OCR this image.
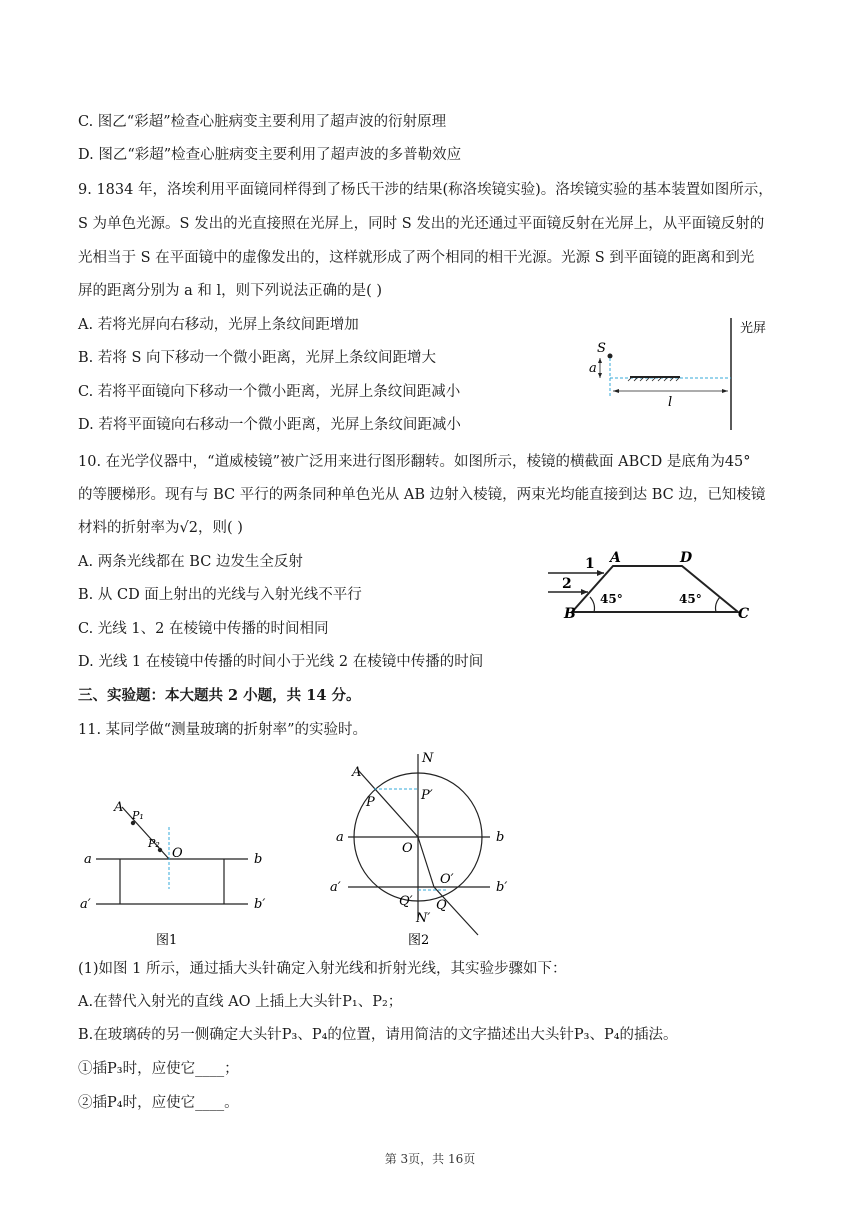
C. 图乙“彩超”检查心脏病变主要利用了超声波的衍射原理
D. 图乙“彩超”检查心脏病变主要利用了超声波的多普勒效应
9. 1834 年，洛埃利用平面镜同样得到了杨氏干涉的结果(称洛埃镜实验)。洛埃镜实验的基本装置如图所示，
S 为单色光源。S 发出的光直接照在光屏上，同时 S 发出的光还通过平面镜反射在光屏上，从平面镜反射的
光相当于 S 在平面镜中的虚像发出的，这样就形成了两个相同的相干光源。光源 S 到平面镜的距离和到光
屏的距离分别为 a 和 l，则下列说法正确的是( )
A. 若将光屏向右移动，光屏上条纹间距增加
B. 若将 S 向下移动一个微小距离，光屏上条纹间距增大
C. 若将平面镜向下移动一个微小距离，光屏上条纹间距减小
D. 若将平面镜向右移动一个微小距离，光屏上条纹间距减小
10. 在光学仪器中，“道威棱镜”被广泛用来进行图形翻转。如图所示，棱镜的横截面 ABCD 是底角为45°
的等腰梯形。现有与 BC 平行的两条同种单色光从 AB 边射入棱镜，两束光均能直接到达 BC 边，已知棱镜
材料的折射率为√2，则( )
A. 两条光线都在 BC 边发生全反射
B. 从 CD 面上射出的光线与入射光线不平行
C. 光线 1、2 在棱镜中传播的时间相同
D. 光线 1 在棱镜中传播的时间小于光线 2 在棱镜中传播的时间
三、实验题：本大题共 2 小题，共 14 分。
11. 某同学做“测量玻璃的折射率”的实验时。
(1)如图 1 所示，通过插大头针确定入射光线和折射光线，其实验步骤如下：
A.在替代入射光的直线 AO 上插上大头针P₁、P₂；
B.在玻璃砖的另一侧确定大头针P₃、P₄的位置，请用简洁的文字描述出大头针P₃、P₄的插法。
①插P₃时，应使它____；
②插P₄时，应使它____。
光屏
S
a
l
1
2
A	D
B	C
45°	45°
A
P₁
P₂
O
a	b
a′	b′
图1
A
N
P	P′
a	b
O
a′	b′
O′
Q′
N′
Q
图2
第 3页，共 16页
